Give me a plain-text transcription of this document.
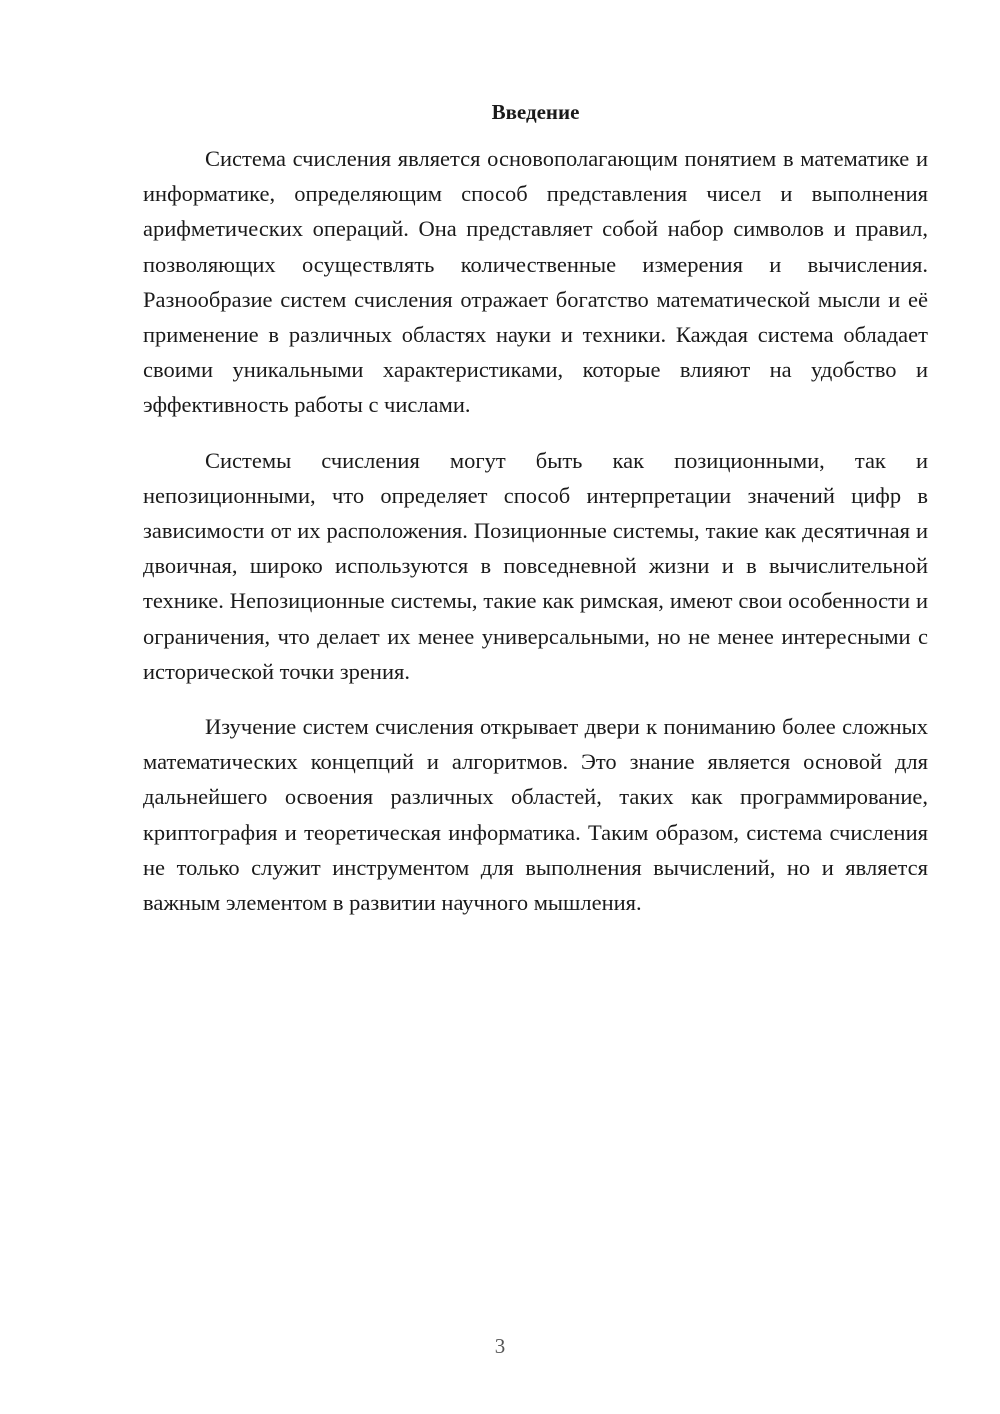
Введение

Система счисления является основополагающим понятием в математике и информатике, определяющим способ представления чисел и выполнения арифметических операций. Она представляет собой набор символов и правил, позволяющих осуществлять количественные измерения и вычисления. Разнообразие систем счисления отражает богатство математической мысли и её применение в различных областях науки и техники. Каждая система обладает своими уникальными характеристиками, которые влияют на удобство и эффективность работы с числами.

Системы счисления могут быть как позиционными, так и непозиционными, что определяет способ интерпретации значений цифр в зависимости от их расположения. Позиционные системы, такие как десятичная и двоичная, широко используются в повседневной жизни и в вычислительной технике. Непозиционные системы, такие как римская, имеют свои особенности и ограничения, что делает их менее универсальными, но не менее интересными с исторической точки зрения.

Изучение систем счисления открывает двери к пониманию более сложных математических концепций и алгоритмов. Это знание является основой для дальнейшего освоения различных областей, таких как программирование, криптография и теоретическая информатика. Таким образом, система счисления не только служит инструментом для выполнения вычислений, но и является важным элементом в развитии научного мышления.

3
